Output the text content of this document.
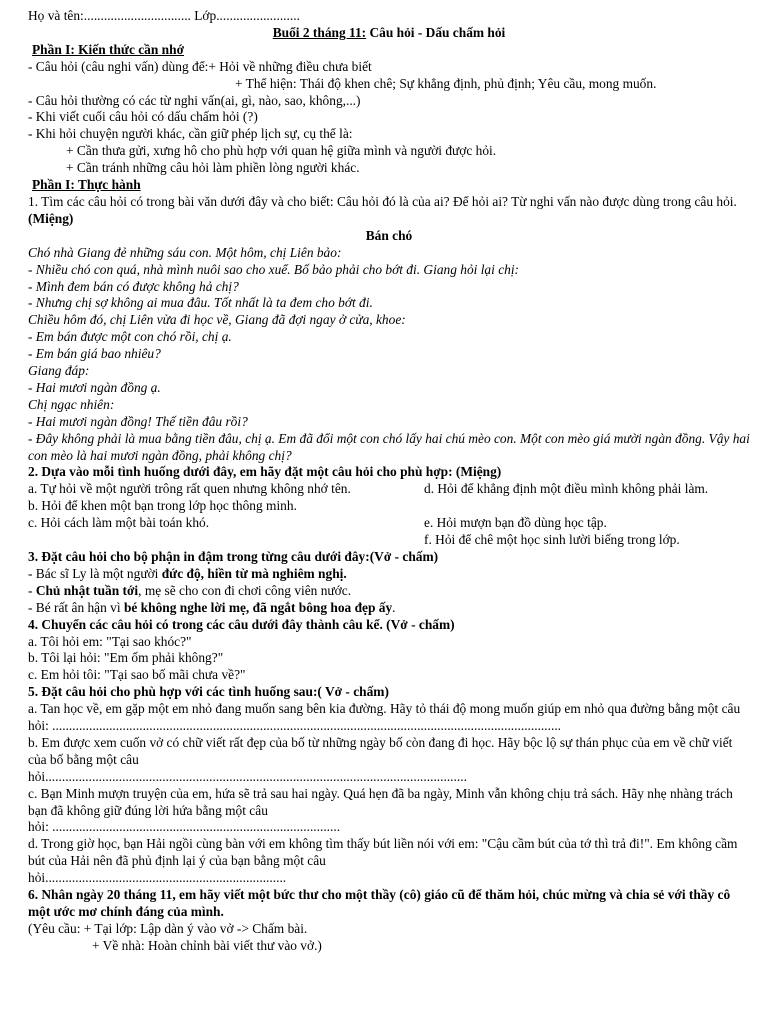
Họ và tên:................................ Lớp.........................

Buổi 2 tháng 11: Câu hỏi - Dấu chấm hỏi

Phần I: Kiến thức cần nhớ

- Câu hỏi (câu nghi vấn) dùng để:+ Hỏi về những điều chưa biết

+ Thể hiện: Thái độ khen chê; Sự khẳng định, phủ định; Yêu cầu, mong muốn.

- Câu hỏi thường có các từ nghi vấn(ai, gì, nào, sao, không,...)

- Khi viết cuối câu hỏi có dấu chấm hỏi (?)

- Khi hỏi chuyện người khác, cần giữ phép lịch sự, cụ thể là:

+ Cần thưa gửi, xưng hô cho phù hợp với quan hệ giữa mình và người được hỏi.

+ Cần tránh những câu hỏi làm phiền lòng người khác.

Phần I: Thực hành

1. Tìm các câu hỏi có trong bài văn dưới đây và cho biết: Câu hỏi đó là của ai? Để hỏi ai? Từ nghi vấn nào được dùng trong câu hỏi. (Miệng)

Bán chó

Chó nhà Giang đẻ những sáu con. Một hôm, chị Liên bảo:

- Nhiều chó con quá, nhà mình nuôi sao cho xuể. Bố bảo phải cho bớt đi. Giang hỏi lại chị:

- Mình đem bán có được không hả chị?

- Nhưng chị sợ không ai mua đâu. Tốt nhất là ta đem cho bớt đi.

Chiều hôm đó, chị Liên vừa đi học về, Giang đã đợi ngay ở cửa, khoe:

- Em bán được một con chó rồi, chị ạ.

- Em bán giá bao nhiêu?

Giang đáp:

- Hai mươi ngàn đồng ạ.

Chị ngạc nhiên:

- Hai mươi ngàn đồng! Thế tiền đâu rồi?

- Đây không phải là mua bằng tiền đâu, chị ạ. Em đã đổi một con chó lấy hai chú mèo con. Một con mèo giá mười ngàn đồng. Vậy hai con mèo là hai mươi ngàn đồng, phải không chị?

2. Dựa vào mỗi tình huống dưới đây, em hãy đặt một câu hỏi cho phù hợp: (Miệng)

a. Tự hỏi về một người trông rất quen nhưng không nhớ tên.

b. Hỏi để khen một bạn trong lớp học thông minh.

c. Hỏi cách làm một bài toán khó.

d. Hỏi để khẳng định một điều mình không phải làm.

e. Hỏi mượn bạn đồ dùng học tập.

f. Hỏi để chê một học sinh lười biếng trong lớp.

3. Đặt câu hỏi cho bộ phận in đậm trong từng câu dưới đây:(Vở - chấm)

- Bác sĩ Ly là một người đức độ, hiền từ mà nghiêm nghị.

- Chủ nhật tuần tới, mẹ sẽ cho con đi chơi công viên nước.

- Bé rất ân hận vì bé không nghe lời mẹ, đã ngắt bông hoa đẹp ấy.

4. Chuyển các câu hỏi có trong các câu dưới đây thành câu kể. (Vở - chấm)

a. Tôi hỏi em: "Tại sao khóc?"

b. Tôi lại hỏi: "Em ốm phải không?"

c. Em hỏi tôi: "Tại sao bố mãi chưa về?"

5. Đặt câu hỏi cho phù hợp với các tình huống sau:( Vở - chấm)

a. Tan học về, em gặp một em nhỏ đang muốn sang bên kia đường. Hãy tỏ thái độ mong muốn giúp em nhỏ qua đường bằng một câu

hỏi: ........................................................................................................................................................

b. Em được xem cuốn vở có chữ viết rất đẹp của bố từ những ngày bố còn đang đi học. Hãy bộc lộ sự thán phục của em về chữ viết của bố bằng một câu

hỏi..............................................................................................................................

c. Bạn Minh mượn truyện của em, hứa sẽ trả sau hai ngày. Quá hẹn đã ba ngày, Minh vẫn không chịu trả sách. Hãy nhẹ nhàng trách bạn đã không giữ đúng lời hứa bằng một câu

hỏi: ......................................................................................

d. Trong giờ học, bạn Hải ngồi cùng bàn với em không tìm thấy bút liền nói với em: "Cậu cầm bút của tớ thì trả đi!". Em không cầm bút của Hải nên đã phủ định lại ý của bạn bằng một câu

hỏi........................................................................

6. Nhân ngày 20 tháng 11, em hãy viết một bức thư cho một thầy (cô) giáo cũ để thăm hỏi, chúc mừng và chia sẻ với thầy cô một ước mơ chính đáng của mình.

(Yêu cầu: + Tại lớp: Lập dàn ý vào vở -> Chấm bài.

+ Về nhà: Hoàn chỉnh bài viết thư vào vở.)
